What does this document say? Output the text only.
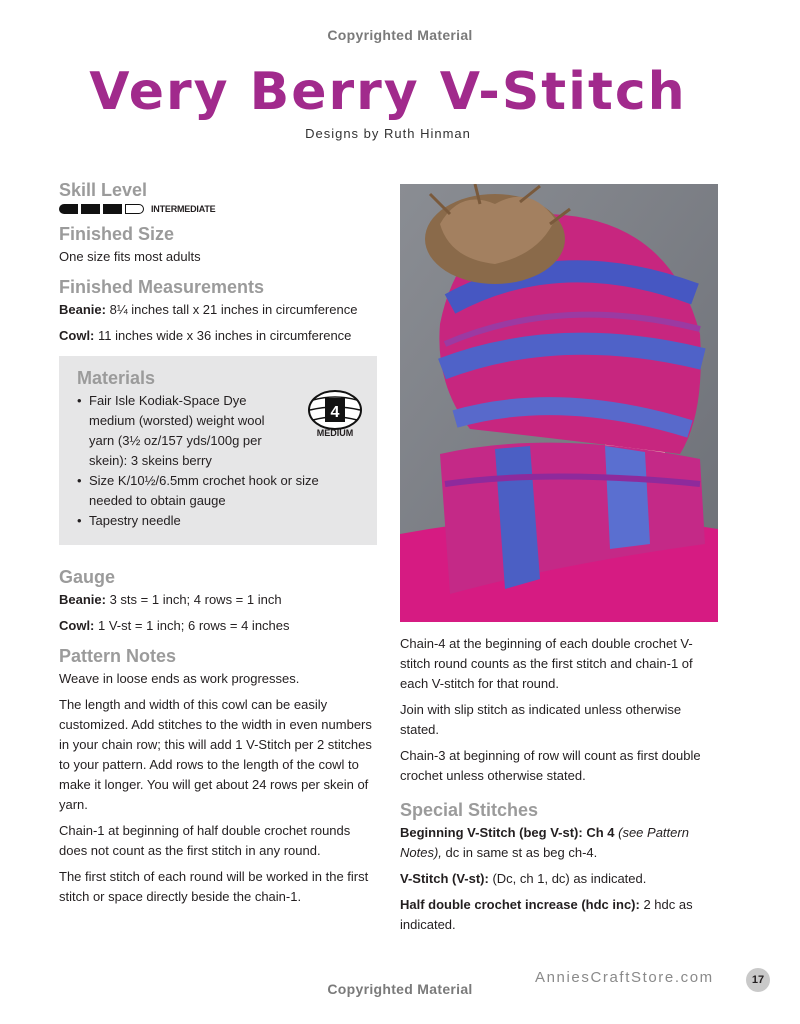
Copyrighted Material
Very Berry V-Stitch
Designs by Ruth Hinman
Skill Level
INTERMEDIATE
Finished Size

One size fits most adults

Finished Measurements

Beanie: 8¼ inches tall x 21 inches in circumference

Cowl: 11 inches wide x 36 inches in circumference

Materials
• Fair Isle Kodiak-Space Dye medium (worsted) weight wool yarn (3½ oz/157 yds/100g per skein): 3 skeins berry
• Size K/10½/6.5mm crochet hook or size needed to obtain gauge
• Tapestry needle
4
MEDIUM
Gauge

Beanie: 3 sts = 1 inch; 4 rows = 1 inch

Cowl: 1 V-st = 1 inch; 6 rows = 4 inches

Pattern Notes

Weave in loose ends as work progresses.

The length and width of this cowl can be easily customized. Add stitches to the width in even numbers in your chain row; this will add 1 V-Stitch per 2 stitches to your pattern. Add rows to the length of the cowl to make it longer. You will get about 24 rows per skein of yarn.

Chain-1 at beginning of half double crochet rounds does not count as the first stitch in any round.

The first stitch of each round will be worked in the first stitch or space directly beside the chain-1.

Chain-4 at the beginning of each double crochet V-stitch round counts as the first stitch and chain-1 of each V-stitch for that round.

Join with slip stitch as indicated unless otherwise stated.

Chain-3 at beginning of row will count as first double crochet unless otherwise stated.

Special Stitches

Beginning V-Stitch (beg V-st): Ch 4 (see Pattern Notes), dc in same st as beg ch-4.

V-Stitch (V-st): (Dc, ch 1, dc) as indicated.

Half double crochet increase (hdc inc): 2 hdc as indicated.

AnniesCraftStore.com	17
Copyrighted Material
